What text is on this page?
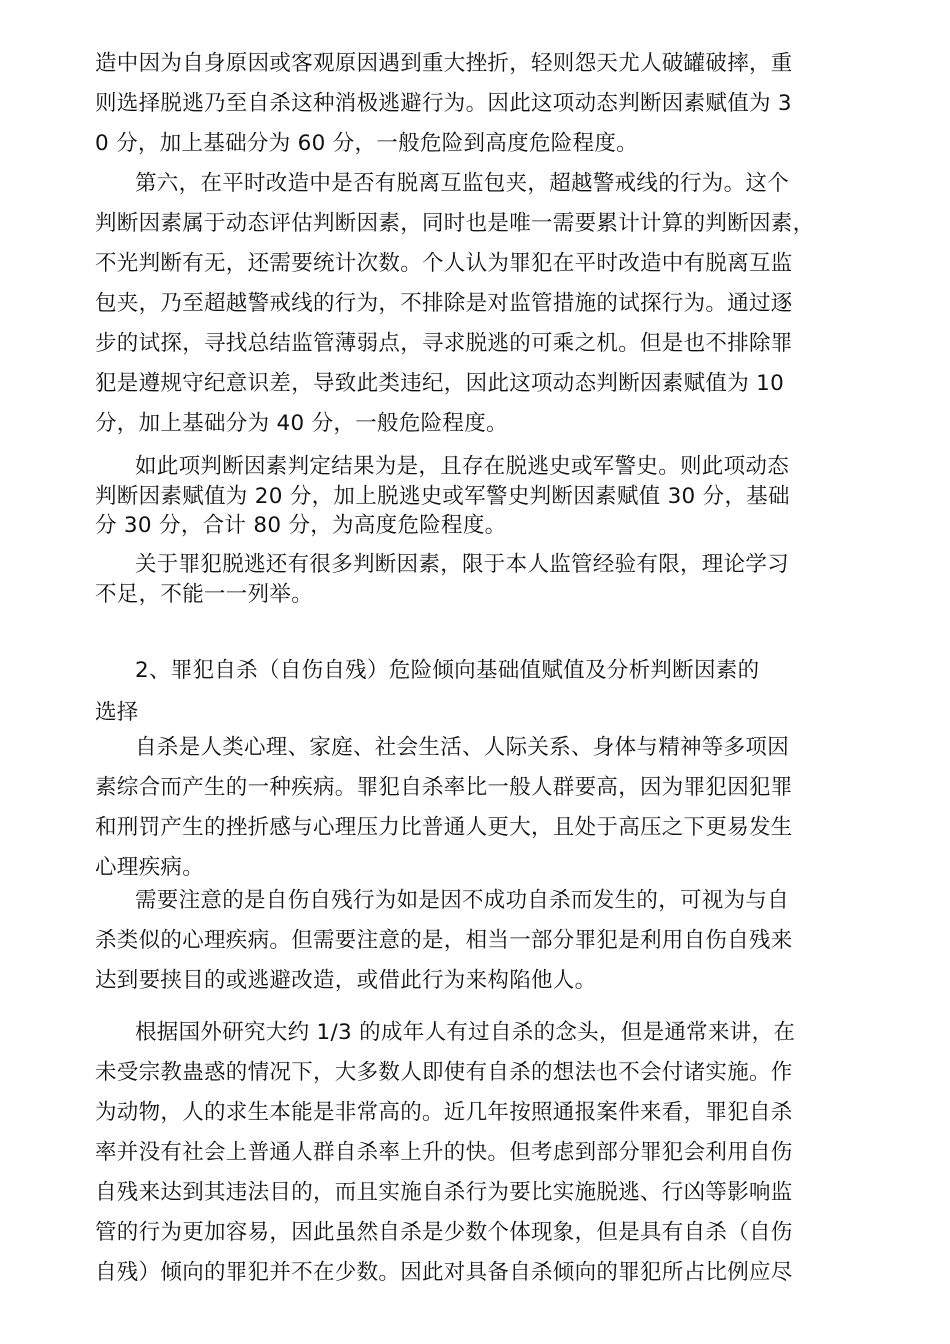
造中因为自身原因或客观原因遇到重大挫折，轻则怨天尤人破罐破摔，重
则选择脱逃乃至自杀这种消极逃避行为。因此这项动态判断因素赋值为 3
0 分，加上基础分为 60 分，一般危险到高度危险程度。
第六，在平时改造中是否有脱离互监包夹，超越警戒线的行为。这个
判断因素属于动态评估判断因素，同时也是唯一需要累计计算的判断因素，
不光判断有无，还需要统计次数。个人认为罪犯在平时改造中有脱离互监
包夹，乃至超越警戒线的行为，不排除是对监管措施的试探行为。通过逐
步的试探，寻找总结监管薄弱点，寻求脱逃的可乘之机。但是也不排除罪
犯是遵规守纪意识差，导致此类违纪，因此这项动态判断因素赋值为 10
分，加上基础分为 40 分，一般危险程度。
如此项判断因素判定结果为是，且存在脱逃史或军警史。则此项动态
判断因素赋值为 20 分，加上脱逃史或军警史判断因素赋值 30 分，基础
分 30 分，合计 80 分，为高度危险程度。
关于罪犯脱逃还有很多判断因素，限于本人监管经验有限，理论学习
不足，不能一一列举。
2、罪犯自杀（自伤自残）危险倾向基础值赋值及分析判断因素的
选择
自杀是人类心理、家庭、社会生活、人际关系、身体与精神等多项因
素综合而产生的一种疾病。罪犯自杀率比一般人群要高，因为罪犯因犯罪
和刑罚产生的挫折感与心理压力比普通人更大，且处于高压之下更易发生
心理疾病。
需要注意的是自伤自残行为如是因不成功自杀而发生的，可视为与自
杀类似的心理疾病。但需要注意的是，相当一部分罪犯是利用自伤自残来
达到要挟目的或逃避改造，或借此行为来构陷他人。
根据国外研究大约 1/3 的成年人有过自杀的念头，但是通常来讲，在
未受宗教蛊惑的情况下，大多数人即使有自杀的想法也不会付诸实施。作
为动物，人的求生本能是非常高的。近几年按照通报案件来看，罪犯自杀
率并没有社会上普通人群自杀率上升的快。但考虑到部分罪犯会利用自伤
自残来达到其违法目的，而且实施自杀行为要比实施脱逃、行凶等影响监
管的行为更加容易，因此虽然自杀是少数个体现象，但是具有自杀（自伤
自残）倾向的罪犯并不在少数。因此对具备自杀倾向的罪犯所占比例应尽
